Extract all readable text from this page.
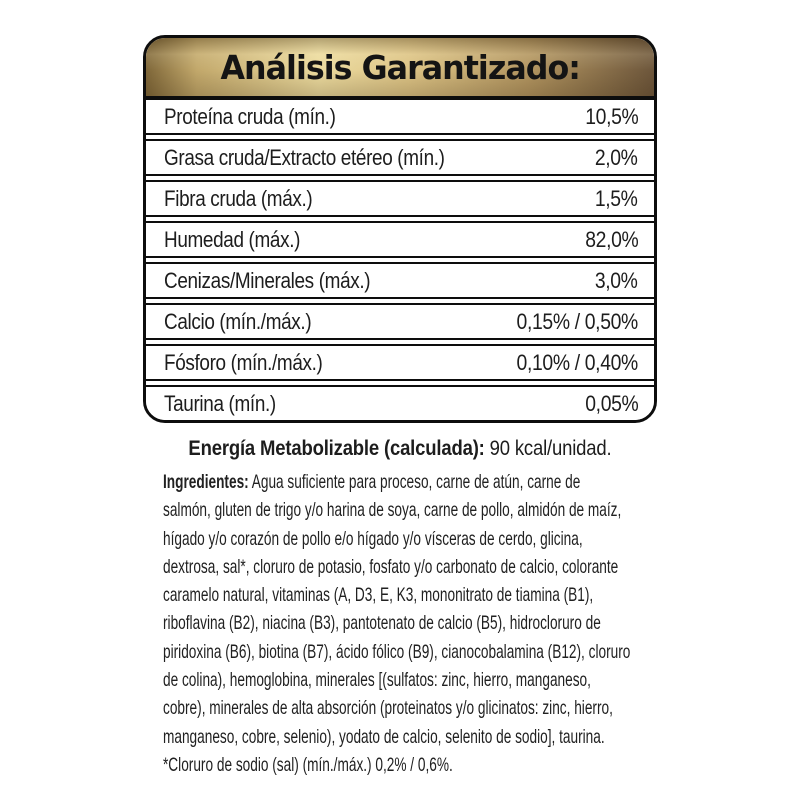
Análisis Garantizado:
Proteína cruda (mín.)	10,5%
Grasa cruda/Extracto etéreo (mín.)	2,0%
Fibra cruda (máx.)	1,5%
Humedad (máx.)	82,0%
Cenizas/Minerales (máx.)	3,0%
Calcio (mín./máx.)	0,15% / 0,50%
Fósforo (mín./máx.)	0,10% / 0,40%
Taurina (mín.)	0,05%
Energía Metabolizable (calculada): 90 kcal/unidad.
Ingredientes: Agua suficiente para proceso, carne de atún, carne de
salmón, gluten de trigo y/o harina de soya, carne de pollo, almidón de maíz,
hígado y/o corazón de pollo e/o hígado y/o vísceras de cerdo, glicina,
dextrosa, sal*, cloruro de potasio, fosfato y/o carbonato de calcio, colorante
caramelo natural, vitaminas (A, D3, E, K3, mononitrato de tiamina (B1),
riboflavina (B2), niacina (B3), pantotenato de calcio (B5), hidrocloruro de
piridoxina (B6), biotina (B7), ácido fólico (B9), cianocobalamina (B12), cloruro
de colina), hemoglobina, minerales [(sulfatos: zinc, hierro, manganeso,
cobre), minerales de alta absorción (proteinatos y/o glicinatos: zinc, hierro,
manganeso, cobre, selenio), yodato de calcio, selenito de sodio], taurina.
*Cloruro de sodio (sal) (mín./máx.) 0,2% / 0,6%.
